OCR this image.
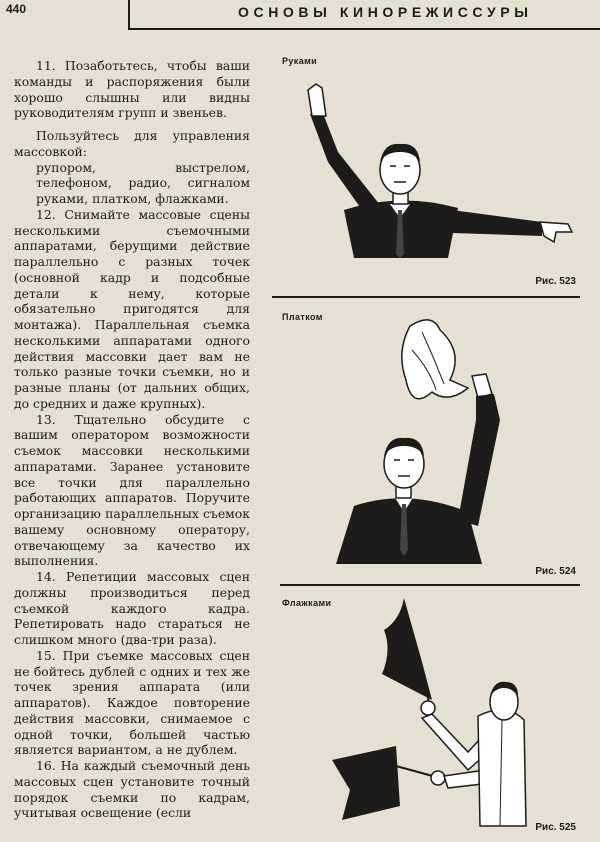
440	ОСНОВЫ КИНОРЕЖИССУРЫ

11. Позаботьтесь, чтобы ваши команды и распоряжения были хорошо слышны или видны руководителям групп и звеньев.

Пользуйтесь для управления массовкой:

рупором, выстрелом, телефоном, радио, сигналом руками, платком, флажками.

12. Снимайте массовые сцены несколькими съемочными аппаратами, берущими действие параллельно с разных точек (основной кадр и подсобные детали к нему, которые обязательно пригодятся для монтажа). Параллельная съемка несколькими аппаратами одного действия массовки дает вам не только разные точки съемки, но и разные планы (от дальних общих, до средних и даже крупных).

13. Тщательно обсудите с вашим оператором возможности съемок массовки несколькими аппаратами. Заранее установите все точки для параллельно работающих аппаратов. Поручите организацию параллельных съемок вашему основному оператору, отвечающему за качество их выполнения.

14. Репетиции массовых сцен должны производиться перед съемкой каждого кадра. Репетировать надо стараться не слишком много (два-три раза).

15. При съемке массовых сцен не бойтесь дублей с одних и тех же точек зрения аппарата (или аппаратов). Каждое повторение действия массовки, снимаемое с одной точки, большей частью является вариантом, а не дублем.

16. На каждый съемочный день массовых сцен установите точный порядок съемки по кадрам, учитывая освещение (если

Руками

Рис. 523

Платком

Рис. 524

Флажками

Рис. 525
